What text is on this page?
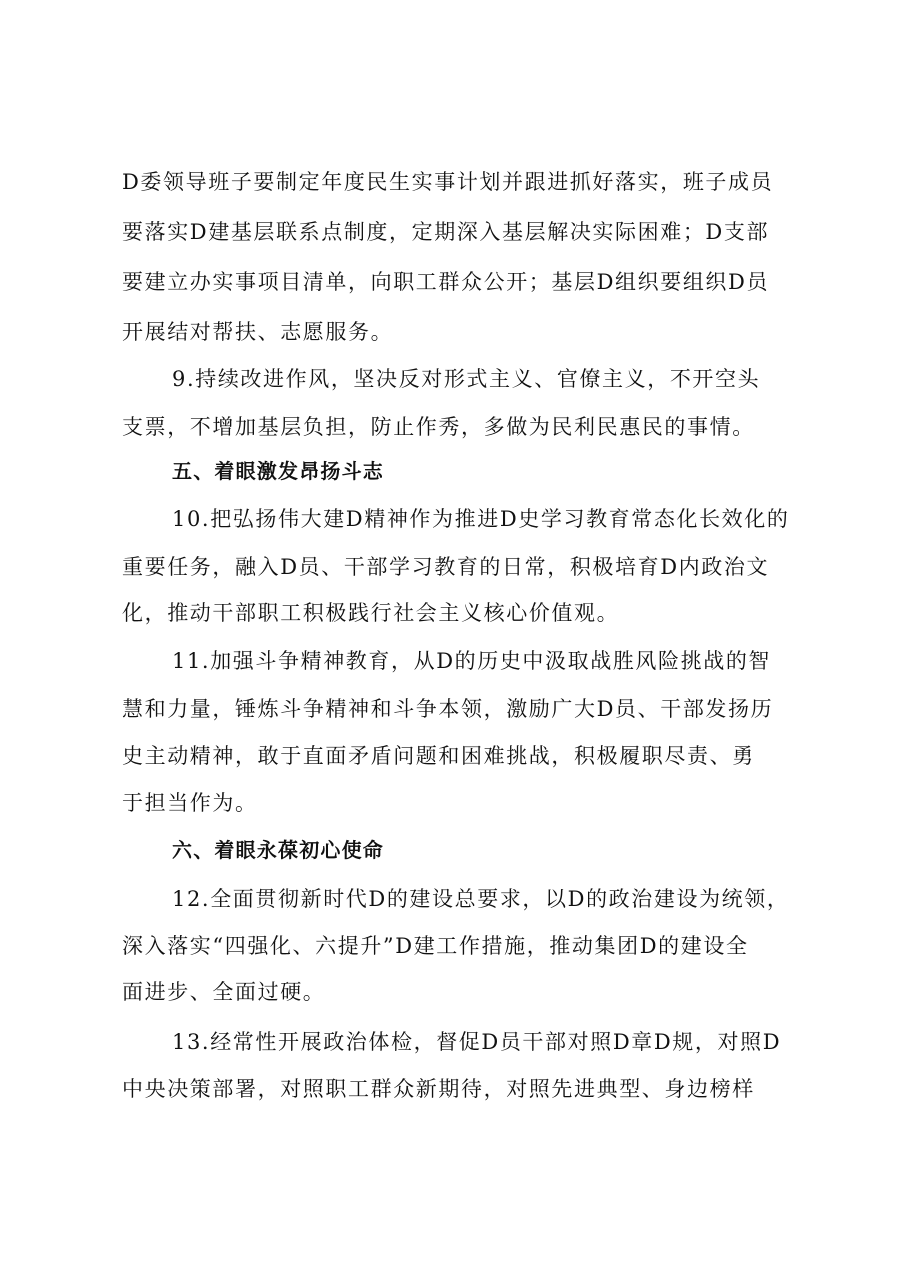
D委领导班子要制定年度民生实事计划并跟进抓好落实，班子成员
要落实D建基层联系点制度，定期深入基层解决实际困难；D支部
要建立办实事项目清单，向职工群众公开；基层D组织要组织D员
开展结对帮扶、志愿服务。
9.持续改进作风，坚决反对形式主义、官僚主义，不开空头
支票，不增加基层负担，防止作秀，多做为民利民惠民的事情。
五、着眼激发昂扬斗志
10.把弘扬伟大建D精神作为推进D史学习教育常态化长效化的
重要任务，融入D员、干部学习教育的日常，积极培育D内政治文
化，推动干部职工积极践行社会主义核心价值观。
11.加强斗争精神教育，从D的历史中汲取战胜风险挑战的智
慧和力量，锤炼斗争精神和斗争本领，激励广大D员、干部发扬历
史主动精神，敢于直面矛盾问题和困难挑战，积极履职尽责、勇
于担当作为。
六、着眼永葆初心使命
12.全面贯彻新时代D的建设总要求，以D的政治建设为统领，
深入落实“四强化、六提升”D建工作措施，推动集团D的建设全
面进步、全面过硬。
13.经常性开展政治体检，督促D员干部对照D章D规，对照D
中央决策部署，对照职工群众新期待，对照先进典型、身边榜样
